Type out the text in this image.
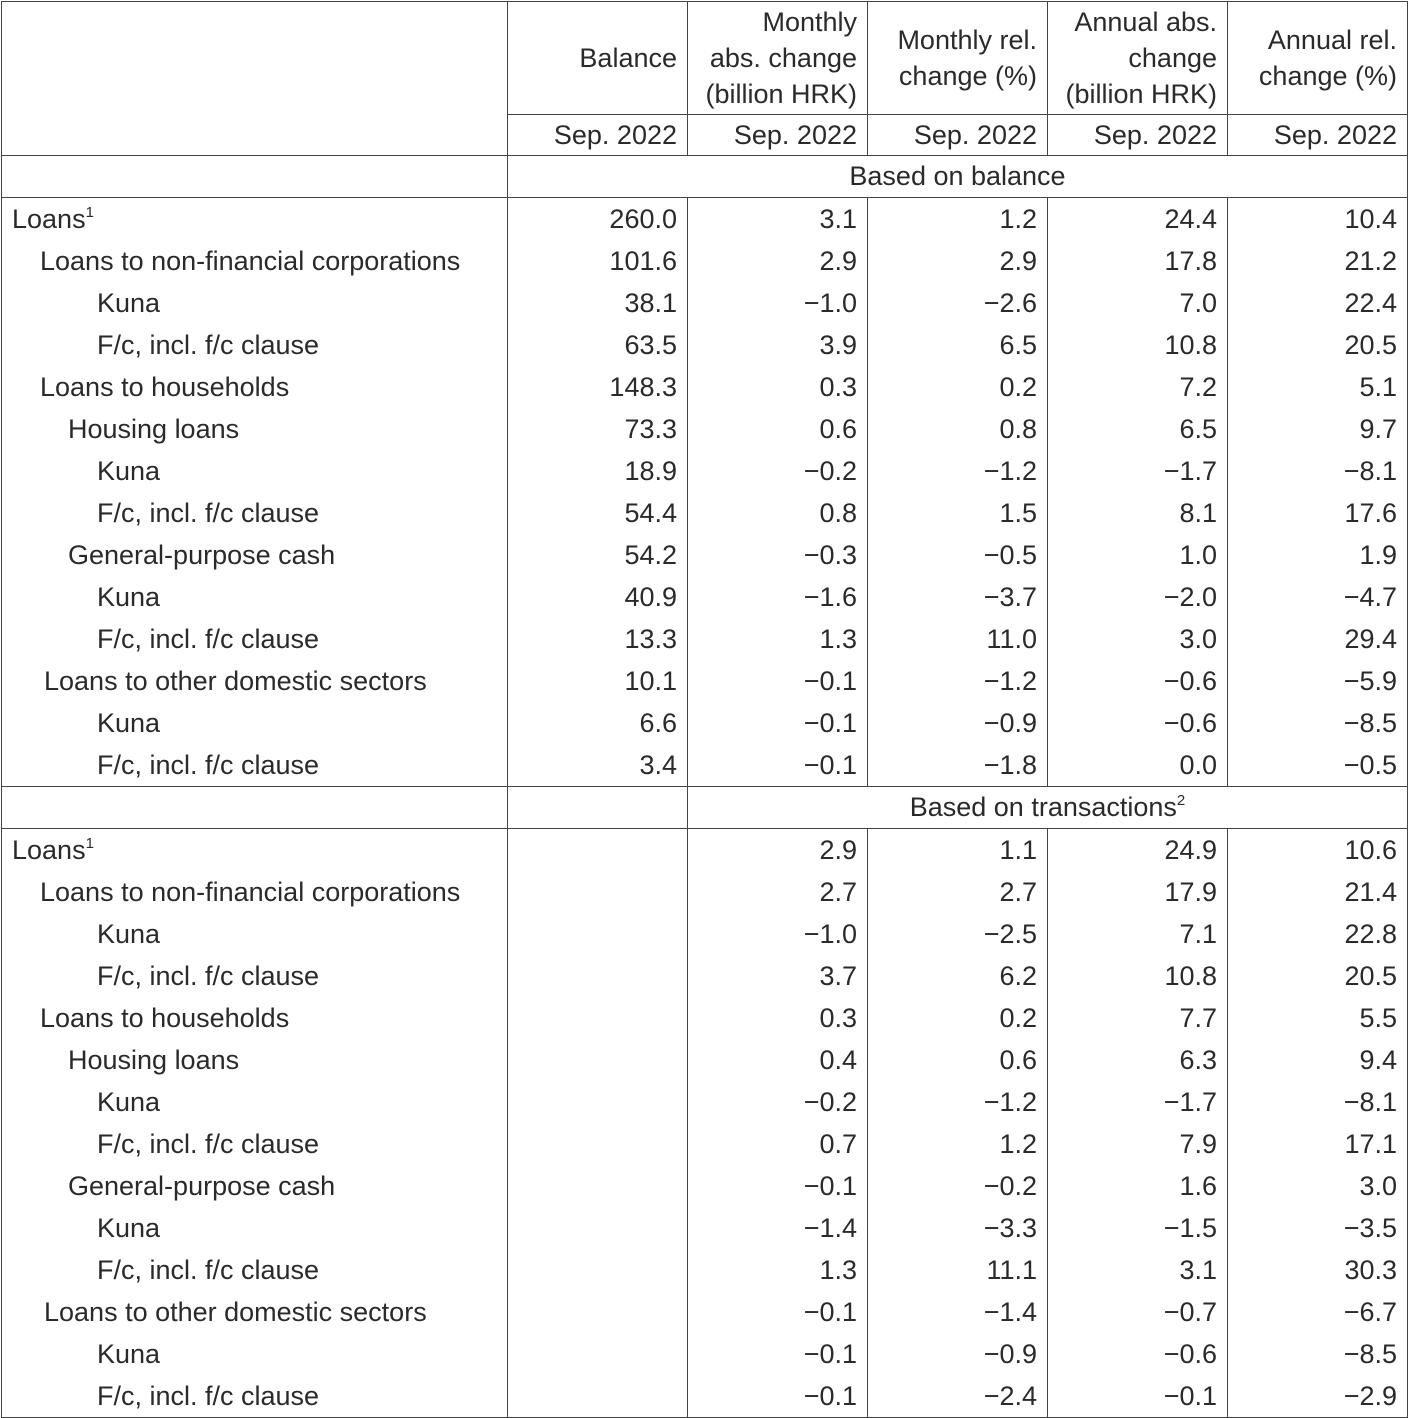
	Balance	Monthly
abs. change
(billion HRK)	Monthly rel.
change (%)	Annual abs.
change
(billion HRK)	Annual rel.
change (%)

	Sep. 2022	Sep. 2022	Sep. 2022	Sep. 2022	Sep. 2022
	Based on balance				
Loans$^1$	260.0	3.1	1.2	24.4	10.4
Loans to non-financial corporations	101.6	2.9	2.9	17.8	21.2
Kuna	38.1	−1.0	−2.6	7.0	22.4
F/c, incl. f/c clause	63.5	3.9	6.5	10.8	20.5
Loans to households	148.3	0.3	0.2	7.2	5.1
Housing loans	73.3	0.6	0.8	6.5	9.7
Kuna	18.9	−0.2	−1.2	−1.7	−8.1
F/c, incl. f/c clause	54.4	0.8	1.5	8.1	17.6
General-purpose cash	54.2	−0.3	−0.5	1.0	1.9
Kuna	40.9	−1.6	−3.7	−2.0	−4.7
F/c, incl. f/c clause	13.3	1.3	11.0	3.0	29.4
Loans to other domestic sectors	10.1	−0.1	−1.2	−0.6	−5.9
Kuna	6.6	−0.1	−0.9	−0.6	−8.5
F/c, incl. f/c clause	3.4	−0.1	−1.8	0.0	−0.5
		Based on transactions$^2$
Loans$^1$		2.9	1.1	24.9	10.6
Loans to non-financial corporations		2.7	2.7	17.9	21.4
Kuna		−1.0	−2.5	7.1	22.8
F/c, incl. f/c clause		3.7	6.2	10.8	20.5
Loans to households		0.3	0.2	7.7	5.5
Housing loans		0.4	0.6	6.3	9.4
Kuna		−0.2	−1.2	−1.7	−8.1
F/c, incl. f/c clause		0.7	1.2	7.9	17.1
General-purpose cash		−0.1	−0.2	1.6	3.0
Kuna		−1.4	−3.3	−1.5	−3.5
F/c, incl. f/c clause		1.3	11.1	3.1	30.3
Loans to other domestic sectors		−0.1	−1.4	−0.7	−6.7
Kuna		−0.1	−0.9	−0.6	−8.5
F/c, incl. f/c clause		−0.1	−2.4	−0.1	−2.9
